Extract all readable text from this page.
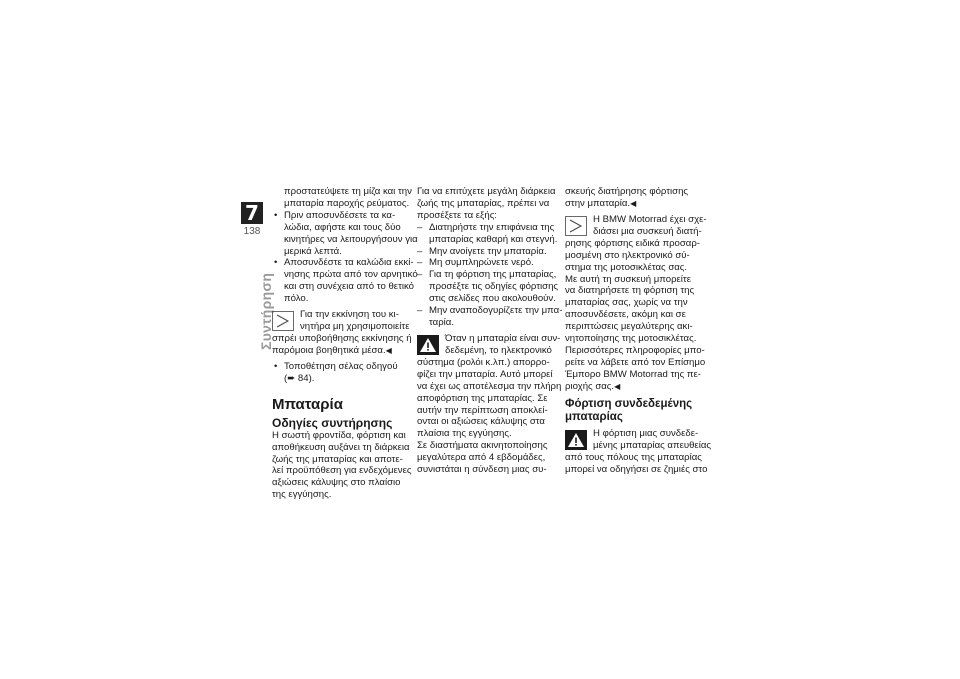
7
138
Συντήρηση

προστατεύψετε τη μίζα και την

μπαταρία παροχής ρεύματος.

• Πριν αποσυνδέσετε τα κα-

λώδια, αφήστε και τους δύο

κινητήρες να λειτουργήσουν για

μερικά λεπτά.

• Αποσυνδέστε τα καλώδια εκκί-

νησης πρώτα από τον αρνητικό

και στη συνέχεια από το θετικό

πόλο.

Για την εκκίνηση του κι-

νητήρα μη χρησιμοποιείτε

σπρέι υποβοήθησης εκκίνησης ή

παρόμοια βοηθητικά μέσα.◀

• Τοποθέτηση σέλας οδηγού

(➨ 84).

Μπαταρία
Οδηγίες συντήρησης

Η σωστή φροντίδα, φόρτιση και

αποθήκευση αυξάνει τη διάρκεια

ζωής της μπαταρίας και αποτε-

λεί προϋπόθεση για ενδεχόμενες

αξιώσεις κάλυψης στο πλαίσιο

της εγγύησης.

Για να επιτύχετε μεγάλη διάρκεια

ζωής της μπαταρίας, πρέπει να

προσέξετε τα εξής:

– Διατηρήστε την επιφάνεια της

μπαταρίας καθαρή και στεγνή.

– Μην ανοίγετε την μπαταρία.

– Μη συμπληρώνετε νερό.

– Για τη φόρτιση της μπαταρίας,

προσέξτε τις οδηγίες φόρτισης

στις σελίδες που ακολουθούν.

– Μην αναποδογυρίζετε την μπα-

ταρία.

Όταν η μπαταρία είναι συν-

δεδεμένη, το ηλεκτρονικό

σύστημα (ρολόι κ.λπ.) απορρο-

φίζει την μπαταρία. Αυτό μπορεί

να έχει ως αποτέλεσμα την πλήρη

αποφόρτιση της μπαταρίας. Σε

αυτήν την περίπτωση αποκλεί-

ονται οι αξιώσεις κάλυψης στα

πλαίσια της εγγύησης.

Σε διαστήματα ακινητοποίησης

μεγαλύτερα από 4 εβδομάδες,

συνιστάται η σύνδεση μιας συ-

σκευής διατήρησης φόρτισης

στην μπαταρία.◀

Η BMW Motorrad έχει σχε-

διάσει μια συσκευή διατή-

ρησης φόρτισης ειδικά προσαρ-

μοσμένη στο ηλεκτρονικό σύ-

στημα της μοτοσικλέτας σας.

Με αυτή τη συσκευή μπορείτε

να διατηρήσετε τη φόρτιση της

μπαταρίας σας, χωρίς να την

αποσυνδέσετε, ακόμη και σε

περιπτώσεις μεγαλύτερης ακι-

νητοποίησης της μοτοσικλέτας.

Περισσότερες πληροφορίες μπο-

ρείτε να λάβετε από τον Επίσημο

Έμπορο BMW Motorrad της πε-

ριοχής σας.◀

Φόρτιση συνδεδεμένης
μπαταρίας

Η φόρτιση μιας συνδεδε-

μένης μπαταρίας απευθείας

από τους πόλους της μπαταρίας

μπορεί να οδηγήσει σε ζημιές στο
